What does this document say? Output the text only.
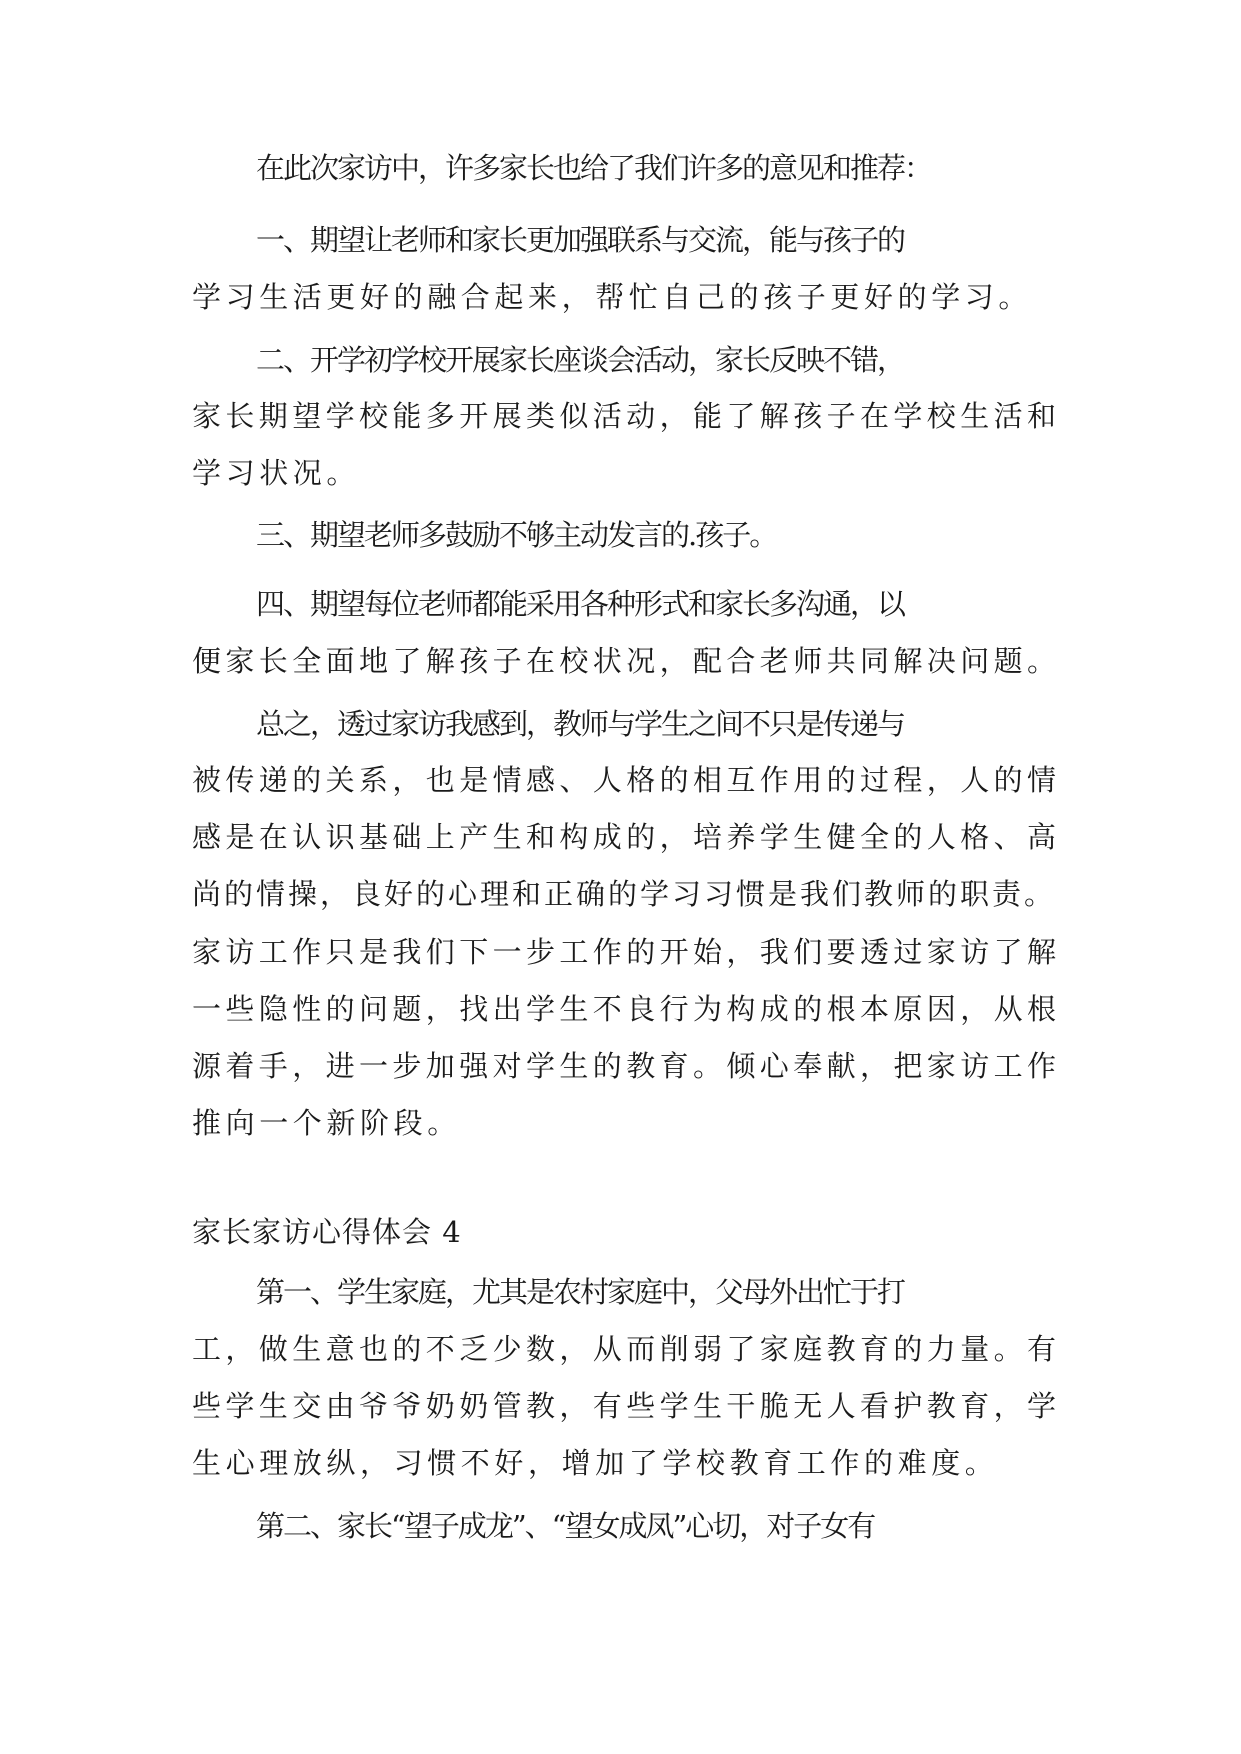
在此次家访中，许多家长也给了我们许多的意见和推荐：
一、期望让老师和家长更加强联系与交流，能与孩子的
学习生活更好的融合起来，帮忙自己的孩子更好的学习。
二、开学初学校开展家长座谈会活动，家长反映不错，
家长期望学校能多开展类似活动，能了解孩子在学校生活和
学习状况。
三、期望老师多鼓励不够主动发言的.孩子。
四、期望每位老师都能采用各种形式和家长多沟通，以
便家长全面地了解孩子在校状况，配合老师共同解决问题。
总之，透过家访我感到，教师与学生之间不只是传递与
被传递的关系，也是情感、人格的相互作用的过程，人的情
感是在认识基础上产生和构成的，培养学生健全的人格、高
尚的情操，良好的心理和正确的学习习惯是我们教师的职责。
家访工作只是我们下一步工作的开始，我们要透过家访了解
一些隐性的问题，找出学生不良行为构成的根本原因，从根
源着手，进一步加强对学生的教育。倾心奉献，把家访工作
推向一个新阶段。
家长家访心得体会 4
第一、学生家庭，尤其是农村家庭中，父母外出忙于打
工，做生意也的不乏少数，从而削弱了家庭教育的力量。有
些学生交由爷爷奶奶管教，有些学生干脆无人看护教育，学
生心理放纵，习惯不好，增加了学校教育工作的难度。
第二、家长“望子成龙”、“望女成凤”心切，对子女有
